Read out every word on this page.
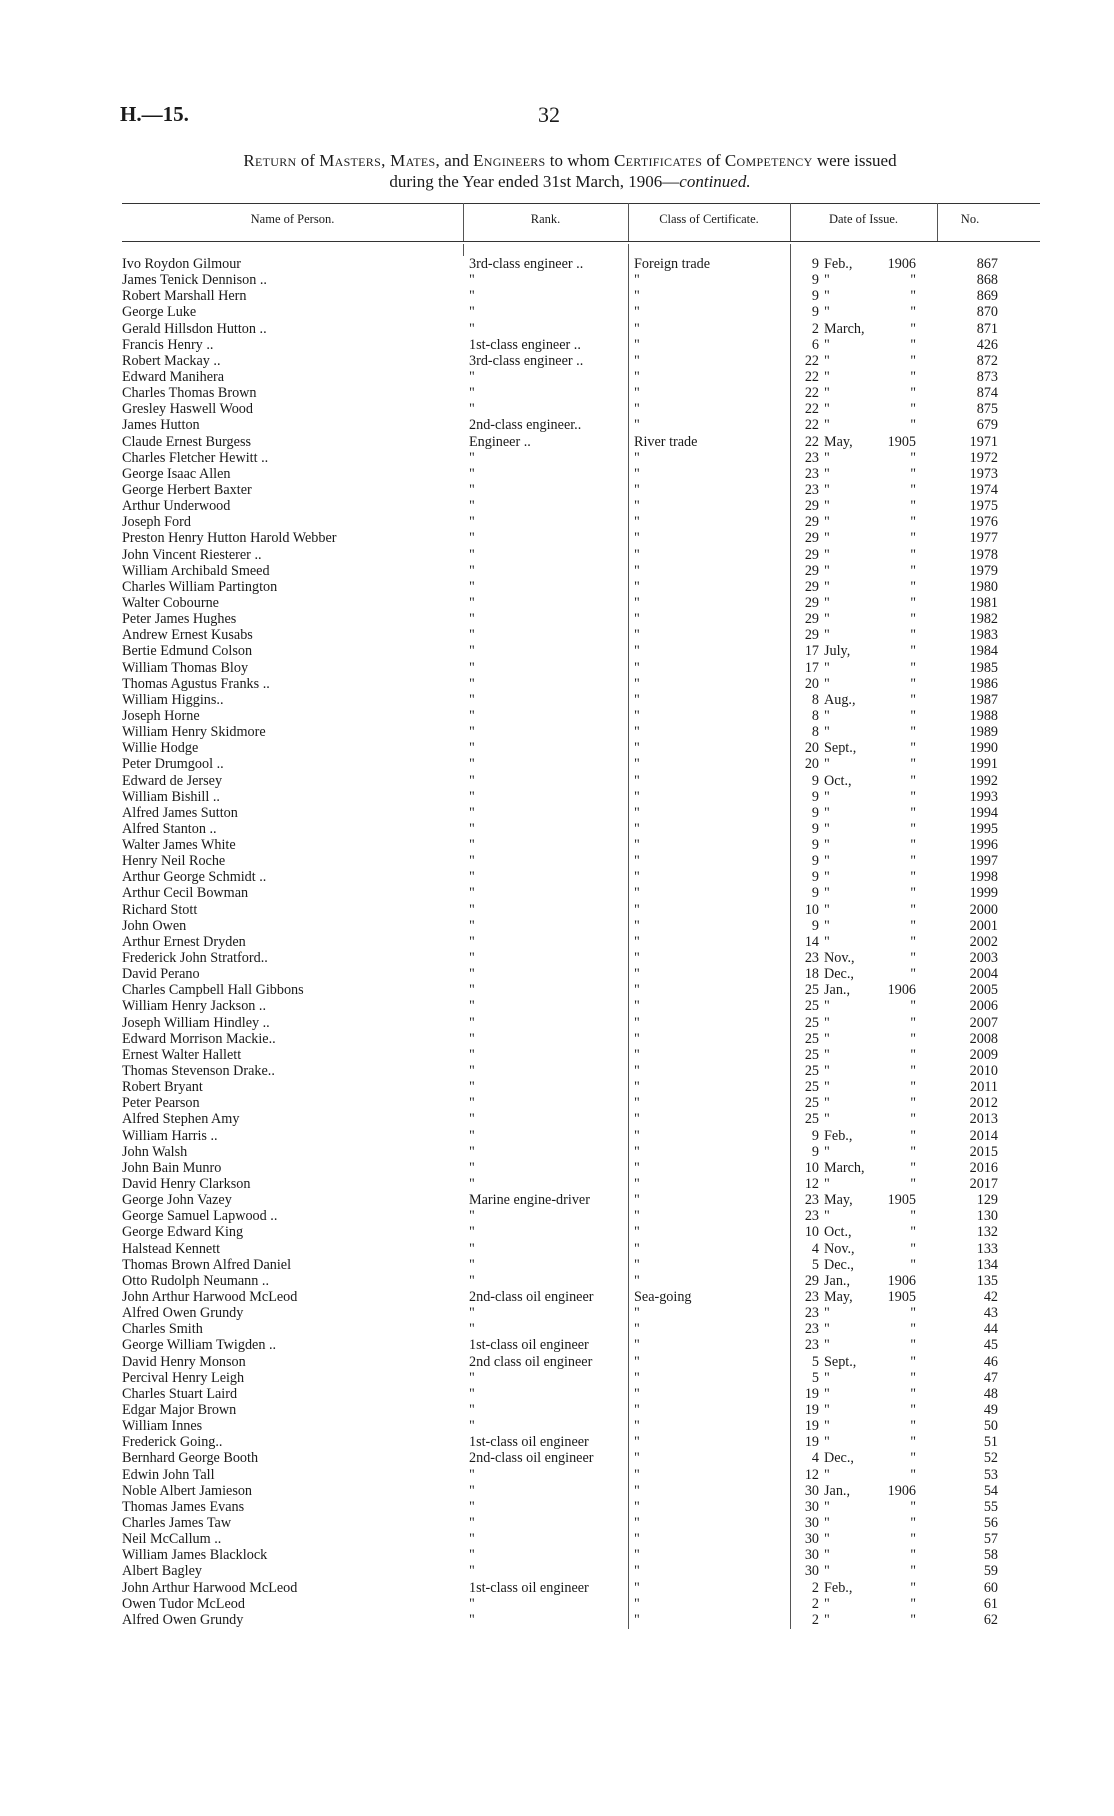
H.—15.	32
Return of Masters, Mates, and Engineers to whom Certificates of Competency were issued
during the Year ended 31st March, 1906—continued.
Name of Person.	Rank.	Class of Certificate.	Date of Issue.	No.
Ivo Roydon Gilmour	3rd-class engineer ..	Foreign trade	9 Feb.,	1906	867
James Tenick Dennison ..	"	"	9 "	"	868
Robert Marshall Hern	"	"	9 "	"	869
George Luke	"	"	9 "	"	870
Gerald Hillsdon Hutton ..	"	"	2 March,	"	871
Francis Henry ..	1st-class engineer ..	"	6 "	"	426
Robert Mackay ..	3rd-class engineer ..	"	22 "	"	872
Edward Manihera	"	"	22 "	"	873
Charles Thomas Brown	"	"	22 "	"	874
Gresley Haswell Wood	"	"	22 "	"	875
James Hutton	2nd-class engineer..	"	22 "	"	679
Claude Ernest Burgess	Engineer ..	River trade	22 May,	1905	1971
Charles Fletcher Hewitt ..	"	"	23 "	"	1972
George Isaac Allen	"	"	23 "	"	1973
George Herbert Baxter	"	"	23 "	"	1974
Arthur Underwood	"	"	29 "	"	1975
Joseph Ford	"	"	29 "	"	1976
Preston Henry Hutton Harold Webber	"	"	29 "	"	1977
John Vincent Riesterer ..	"	"	29 "	"	1978
William Archibald Smeed	"	"	29 "	"	1979
Charles William Partington	"	"	29 "	"	1980
Walter Cobourne	"	"	29 "	"	1981
Peter James Hughes	"	"	29 "	"	1982
Andrew Ernest Kusabs	"	"	29 "	"	1983
Bertie Edmund Colson	"	"	17 July,	"	1984
William Thomas Bloy	"	"	17 "	"	1985
Thomas Agustus Franks ..	"	"	20 "	"	1986
William Higgins..	"	"	8 Aug.,	"	1987
Joseph Horne	"	"	8 "	"	1988
William Henry Skidmore	"	"	8 "	"	1989
Willie Hodge	"	"	20 Sept.,	"	1990
Peter Drumgool ..	"	"	20 "	"	1991
Edward de Jersey	"	"	9 Oct.,	"	1992
William Bishill ..	"	"	9 "	"	1993
Alfred James Sutton	"	"	9 "	"	1994
Alfred Stanton ..	"	"	9 "	"	1995
Walter James White	"	"	9 "	"	1996
Henry Neil Roche	"	"	9 "	"	1997
Arthur George Schmidt ..	"	"	9 "	"	1998
Arthur Cecil Bowman	"	"	9 "	"	1999
Richard Stott	"	"	10 "	"	2000
John Owen	"	"	9 "	"	2001
Arthur Ernest Dryden	"	"	14 "	"	2002
Frederick John Stratford..	"	"	23 Nov.,	"	2003
David Perano	"	"	18 Dec.,	"	2004
Charles Campbell Hall Gibbons	"	"	25 Jan.,	1906	2005
William Henry Jackson ..	"	"	25 "	"	2006
Joseph William Hindley ..	"	"	25 "	"	2007
Edward Morrison Mackie..	"	"	25 "	"	2008
Ernest Walter Hallett	"	"	25 "	"	2009
Thomas Stevenson Drake..	"	"	25 "	"	2010
Robert Bryant	"	"	25 "	"	2011
Peter Pearson	"	"	25 "	"	2012
Alfred Stephen Amy	"	"	25 "	"	2013
William Harris ..	"	"	9 Feb.,	"	2014
John Walsh	"	"	9 "	"	2015
John Bain Munro	"	"	10 March,	"	2016
David Henry Clarkson	"	"	12 "	"	2017
George John Vazey	Marine engine-driver	"	23 May,	1905	129
George Samuel Lapwood ..	"	"	23 "	"	130
George Edward King	"	"	10 Oct.,	"	132
Halstead Kennett	"	"	4 Nov.,	"	133
Thomas Brown Alfred Daniel	"	"	5 Dec.,	"	134
Otto Rudolph Neumann ..	"	"	29 Jan.,	1906	135
John Arthur Harwood McLeod	2nd-class oil engineer	Sea-going	23 May,	1905	42
Alfred Owen Grundy	"	"	23 "	"	43
Charles Smith	"	"	23 "	"	44
George William Twigden ..	1st-class oil engineer	"	23 "	"	45
David Henry Monson	2nd class oil engineer	"	5 Sept.,	"	46
Percival Henry Leigh	"	"	5 "	"	47
Charles Stuart Laird	"	"	19 "	"	48
Edgar Major Brown	"	"	19 "	"	49
William Innes	"	"	19 "	"	50
Frederick Going..	1st-class oil engineer	"	19 "	"	51
Bernhard George Booth	2nd-class oil engineer	"	4 Dec.,	"	52
Edwin John Tall	"	"	12 "	"	53
Noble Albert Jamieson	"	"	30 Jan.,	1906	54
Thomas James Evans	"	"	30 "	"	55
Charles James Taw	"	"	30 "	"	56
Neil McCallum ..	"	"	30 "	"	57
William James Blacklock	"	"	30 "	"	58
Albert Bagley	"	"	30 "	"	59
John Arthur Harwood McLeod	1st-class oil engineer	"	2 Feb.,	"	60
Owen Tudor McLeod	"	"	2 "	"	61
Alfred Owen Grundy	"	"	2 "	"	62
